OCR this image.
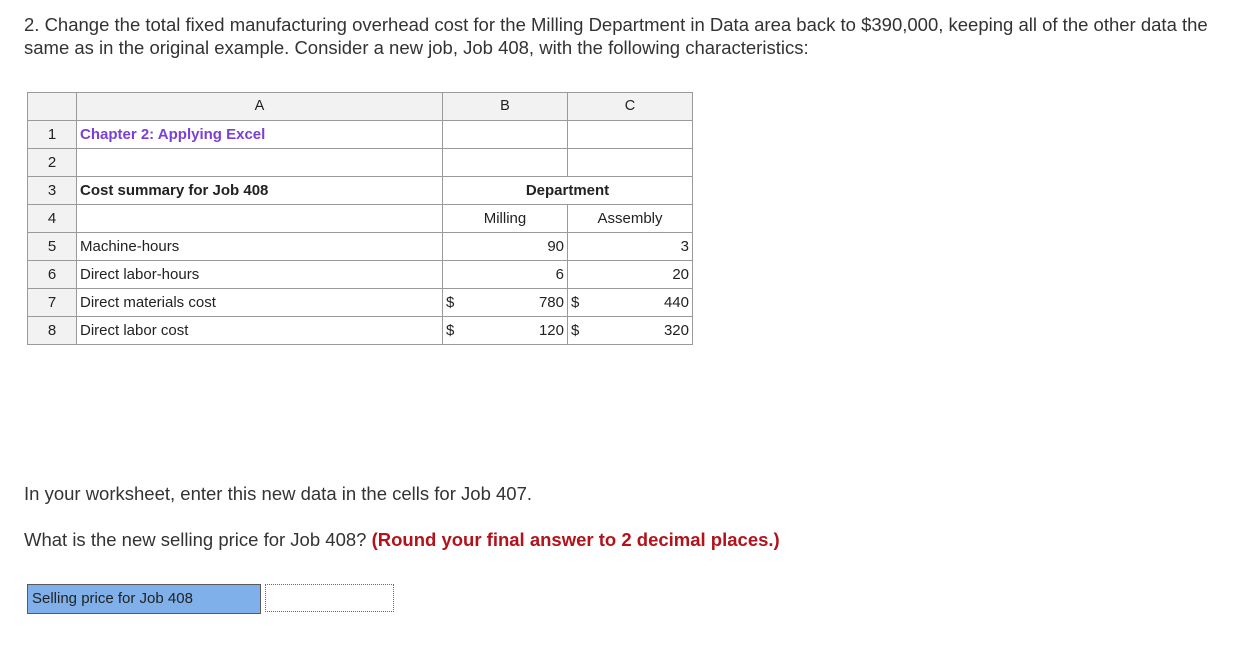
2. Change the total fixed manufacturing overhead cost for the Milling Department in Data area back to $390,000, keeping all of the other data the same as in the original example. Consider a new job, Job 408, with the following characteristics:
	A	B	C
1	Chapter 2: Applying Excel		
2			
3	Cost summary for Job 408	Department	
4		Milling	Assembly
5	Machine-hours	90	3
6	Direct labor-hours	6	20
7	Direct materials cost	$ 780	$ 440

8	Direct labor cost	$ 120	$ 320
In your worksheet, enter this new data in the cells for Job 407.
What is the new selling price for Job 408? (Round your final answer to 2 decimal places.)
Selling price for Job 408
